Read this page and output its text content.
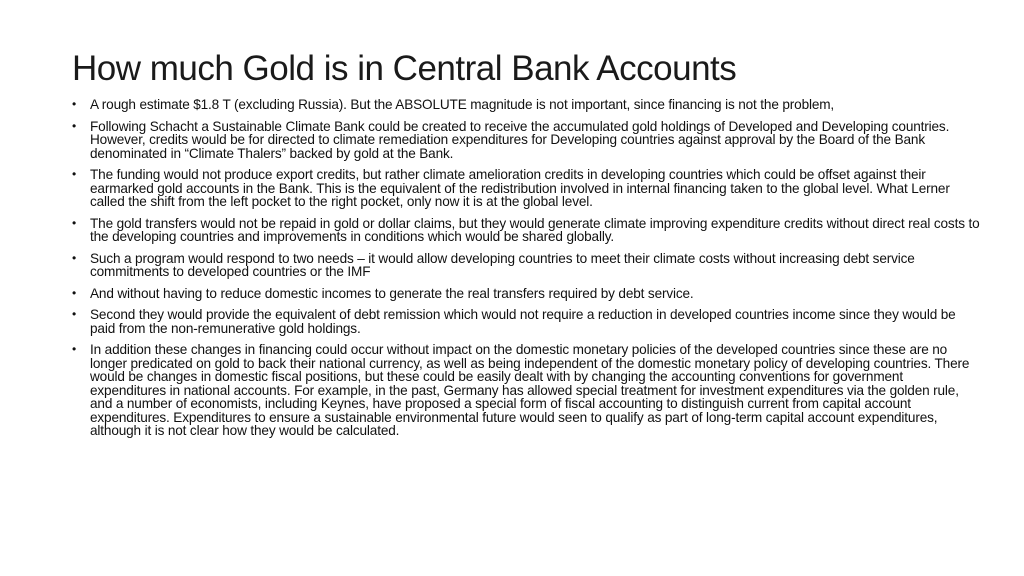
How much Gold is in Central Bank Accounts
• A rough estimate $1.8 T (excluding Russia). But the ABSOLUTE magnitude is not important, since financing is not the problem,
• Following Schacht a Sustainable Climate Bank could be created to receive the accumulated gold holdings of Developed and Developing countries. However, credits would be for directed to climate remediation expenditures for Developing countries against approval by the Board of the Bank denominated in “Climate Thalers” backed by gold at the Bank.
• The funding would not produce export credits, but rather climate amelioration credits in developing countries which could be offset against their earmarked gold accounts in the Bank. This is the equivalent of the redistribution involved in internal financing taken to the global level. What Lerner called the shift from the left pocket to the right pocket, only now it is at the global level.
• The gold transfers would not be repaid in gold or dollar claims, but they would generate climate improving expenditure credits without direct real costs to the developing countries and improvements in conditions which would be shared globally.
• Such a program would respond to two needs – it would allow developing countries to meet their climate costs without increasing debt service commitments to developed countries or the IMF
• And without having to reduce domestic incomes to generate the real transfers required by debt service.
• Second they would provide the equivalent of debt remission which would not require a reduction in developed countries income since they would be paid from the non-remunerative gold holdings.
• In addition these changes in financing could occur without impact on the domestic monetary policies of the developed countries since these are no longer predicated on gold to back their national currency, as well as being independent of the domestic monetary policy of developing countries. There would be changes in domestic fiscal positions, but these could be easily dealt with by changing the accounting conventions for government expenditures in national accounts. For example, in the past, Germany has allowed special treatment for investment expenditures via the golden rule, and a number of economists, including Keynes, have proposed a special form of fiscal accounting to distinguish current from capital account expenditures. Expenditures to ensure a sustainable environmental future would seen to qualify as part of long-term capital account expenditures, although it is not clear how they would be calculated.
